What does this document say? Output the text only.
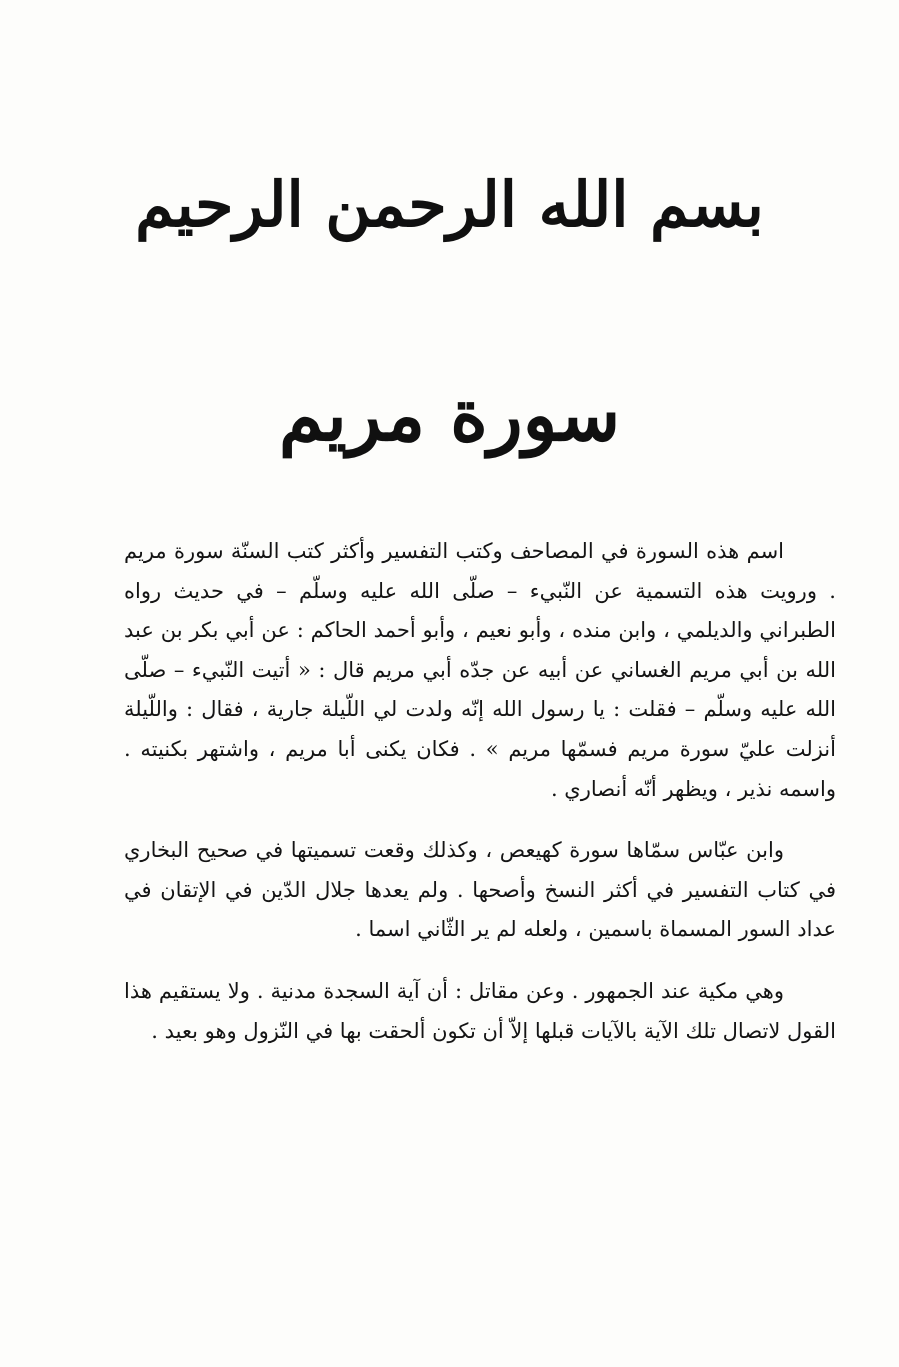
بسم الله الرحمن الرحيم
سورة مريم

اسم هذه السورة في المصاحف وكتب التفسير وأكثر كتب السنّة سورة مريم . ورويت هذه التسمية عن النّبيء – صلّى الله عليه وسلّم – في حديث رواه الطبراني والديلمي ، وابن منده ، وأبو نعيم ، وأبو أحمد الحاكم : عن أبي بكر بن عبد الله بن أبي مريم الغساني عن أبيه عن جدّه أبي مريم قال : « أتيت النّبيء – صلّى الله عليه وسلّم – فقلت : يا رسول الله إنّه ولدت لي اللّيلة جارية ، فقال : واللّيلة أنزلت عليّ سورة مريم فسمّها مريم » . فكان يكنى أبا مريم ، واشتهر بكنيته . واسمه نذير ، ويظهر أنّه أنصاري .

وابن عبّاس سمّاها سورة كهيعص ، وكذلك وقعت تسميتها في صحيح البخاري في كتاب التفسير في أكثر النسخ وأصحها . ولم يعدها جلال الدّين في الإتقان في عداد السور المسماة باسمين ، ولعله لم ير الثّاني اسما .

وهي مكية عند الجمهور . وعن مقاتل : أن آية السجدة مدنية . ولا يستقيم هذا القول لاتصال تلك الآية بالآيات قبلها إلاّ أن تكون ألحقت بها في النّزول وهو بعيد .
